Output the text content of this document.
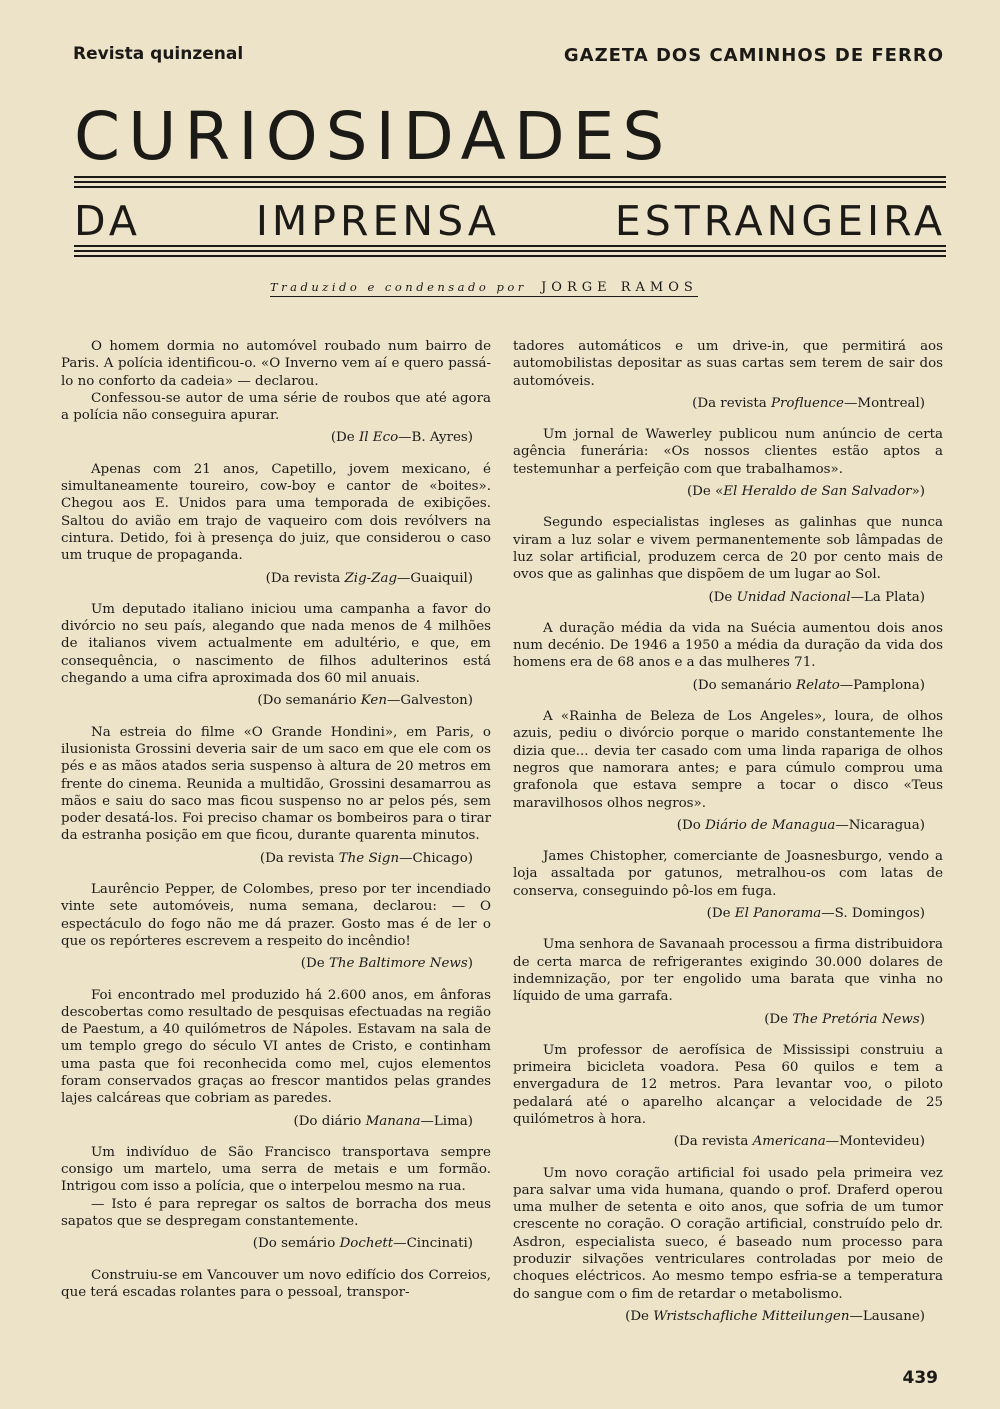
Revista quinzenal	GAZETA DOS CAMINHOS DE FERRO
CURIOSIDADES
DA IMPRENSA ESTRANGEIRA
Traduzido e condensado por JORGE RAMOS

O homem dormia no automóvel roubado num bairro de Paris. A polícia identificou-o. «O Inverno vem aí e quero passá-lo no conforto da cadeia» — declarou.

Confessou-se autor de uma série de roubos que até agora a polícia não conseguira apurar.

(De Il Eco—B. Ayres)

Apenas com 21 anos, Capetillo, jovem mexicano, é simultaneamente toureiro, cow-boy e cantor de «boites». Chegou aos E. Unidos para uma temporada de exibições. Saltou do avião em trajo de vaqueiro com dois revólvers na cintura. Detido, foi à presença do juiz, que considerou o caso um truque de propaganda.

(Da revista Zig-Zag—Guaiquil)

Um deputado italiano iniciou uma campanha a favor do divórcio no seu país, alegando que nada menos de 4 milhões de italianos vivem actualmente em adultério, e que, em consequência, o nascimento de filhos adulterinos está chegando a uma cifra aproximada dos 60 mil anuais.

(Do semanário Ken—Galveston)

Na estreia do filme «O Grande Hondini», em Paris, o ilusionista Grossini deveria sair de um saco em que ele com os pés e as mãos atados seria suspenso à altura de 20 metros em frente do cinema. Reunida a multidão, Grossini desamarrou as mãos e saiu do saco mas ficou suspenso no ar pelos pés, sem poder desatá-los. Foi preciso chamar os bombeiros para o tirar da estranha posição em que ficou, durante quarenta minutos.

(Da revista The Sign—Chicago)

Laurêncio Pepper, de Colombes, preso por ter incendiado vinte sete automóveis, numa semana, declarou: — O espectáculo do fogo não me dá prazer. Gosto mas é de ler o que os repórteres escrevem a respeito do incêndio!

(De The Baltimore News)

Foi encontrado mel produzido há 2.600 anos, em ânforas descobertas como resultado de pesquisas efectuadas na região de Paestum, a 40 quilómetros de Nápoles. Estavam na sala de um templo grego do século VI antes de Cristo, e continham uma pasta que foi reconhecida como mel, cujos elementos foram conservados graças ao frescor mantidos pelas grandes lajes calcáreas que cobriam as paredes.

(Do diário Manana—Lima)

Um indivíduo de São Francisco transportava sempre consigo um martelo, uma serra de metais e um formão. Intrigou com isso a polícia, que o interpelou mesmo na rua.

— Isto é para repregar os saltos de borracha dos meus sapatos que se despregam constantemente.

(Do semário Dochett—Cincinati)

Construiu-se em Vancouver um novo edifício dos Correios, que terá escadas rolantes para o pessoal, transpor-

tadores automáticos e um drive-in, que permitirá aos automobilistas depositar as suas cartas sem terem de sair dos automóveis.

(Da revista Profluence—Montreal)

Um jornal de Wawerley publicou num anúncio de certa agência funerária: «Os nossos clientes estão aptos a testemunhar a perfeição com que trabalhamos».

(De «El Heraldo de San Salvador»)

Segundo especialistas ingleses as galinhas que nunca viram a luz solar e vivem permanentemente sob lâmpadas de luz solar artificial, produzem cerca de 20 por cento mais de ovos que as galinhas que dispõem de um lugar ao Sol.

(De Unidad Nacional—La Plata)

A duração média da vida na Suécia aumentou dois anos num decénio. De 1946 a 1950 a média da duração da vida dos homens era de 68 anos e a das mulheres 71.

(Do semanário Relato—Pamplona)

A «Rainha de Beleza de Los Angeles», loura, de olhos azuis, pediu o divórcio porque o marido constantemente lhe dizia que... devia ter casado com uma linda rapariga de olhos negros que namorara antes; e para cúmulo comprou uma grafonola que estava sempre a tocar o disco «Teus maravilhosos olhos negros».

(Do Diário de Managua—Nicaragua)

James Chistopher, comerciante de Joasnesburgo, vendo a loja assaltada por gatunos, metralhou-os com latas de conserva, conseguindo pô-los em fuga.

(De El Panorama—S. Domingos)

Uma senhora de Savanaah processou a firma distribuidora de certa marca de refrigerantes exigindo 30.000 dolares de indemnização, por ter engolido uma barata que vinha no líquido de uma garrafa.

(De The Pretória News)

Um professor de aerofísica de Mississipi construiu a primeira bicicleta voadora. Pesa 60 quilos e tem a envergadura de 12 metros. Para levantar voo, o piloto pedalará até o aparelho alcançar a velocidade de 25 quilómetros à hora.

(Da revista Americana—Montevideu)

Um novo coração artificial foi usado pela primeira vez para salvar uma vida humana, quando o prof. Draferd operou uma mulher de setenta e oito anos, que sofria de um tumor crescente no coração. O coração artificial, construído pelo dr. Asdron, especialista sueco, é baseado num processo para produzir silvações ventriculares controladas por meio de choques eléctricos. Ao mesmo tempo esfria-se a temperatura do sangue com o fim de retardar o metabolismo.

(De Wristschafliche Mitteilungen—Lausane)
439
